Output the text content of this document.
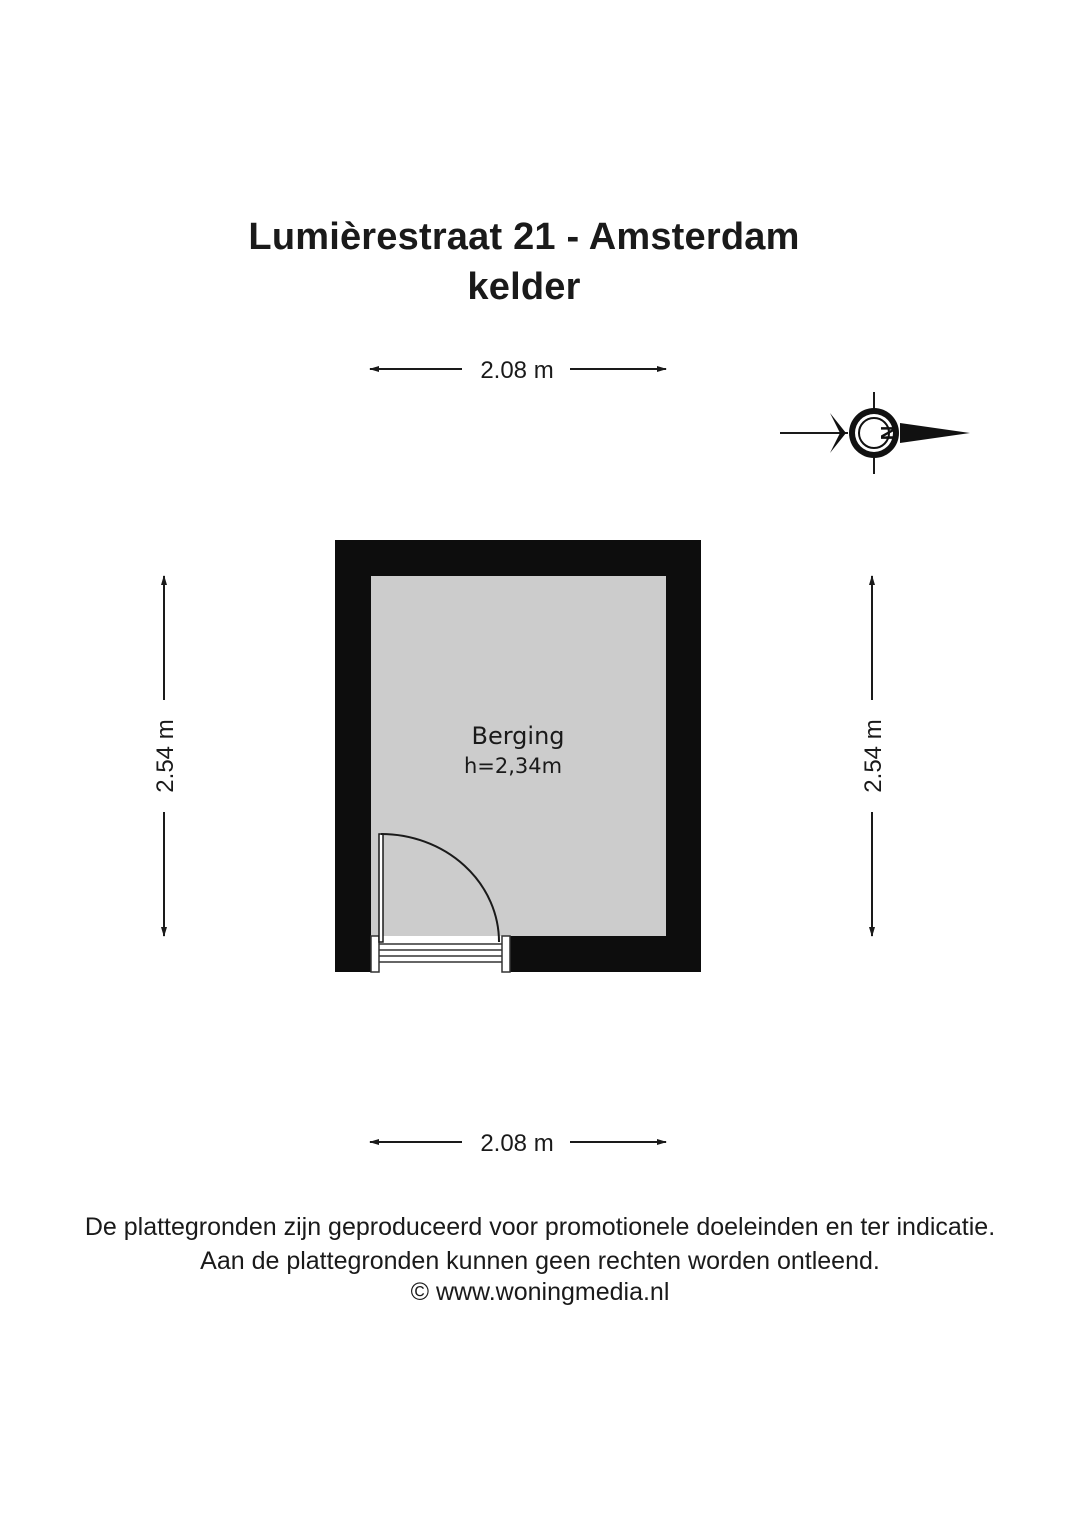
Lumièrestraat 21 - Amsterdam
kelder
2.08 m
2.08 m
2.54 m	2.54 m
N
Berging
h=2,34m
De plattegronden zijn geproduceerd voor promotionele doeleinden en ter indicatie.
Aan de plattegronden kunnen geen rechten worden ontleend.
© www.woningmedia.nl
